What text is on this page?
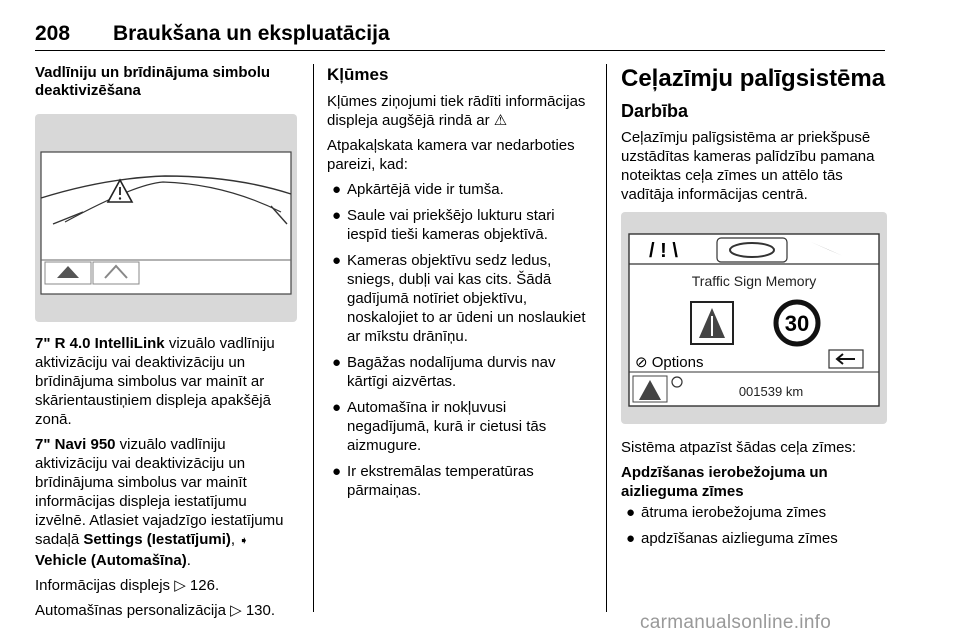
208 Braukšana un ekspluatācija
Vadlīniju un brīdinājuma simbolu deaktivizēšana

7" R 4.0 IntelliLink vizuālo vadlīniju aktivizāciju vai deaktivizāciju un brīdinājuma simbolus var mainīt ar skārientaustiņiem displeja apakšējā zonā.

7" Navi 950 vizuālo vadlīniju aktivizāciju vai deaktivizāciju un brīdinājuma simbolus var mainīt informācijas displeja iestatījumu izvēlnē. Atlasiet vajadzīgo iestatījumu sadaļā Settings (Iestatījumi), ➧
Vehicle (Automašīna).

Informācijas displejs ▷ 126.

Automašīnas personalizācija ▷ 130.

Kļūmes

Kļūmes ziņojumi tiek rādīti informācijas displeja augšējā rindā ar ⚠

Atpakaļskata kamera var nedarboties pareizi, kad:

● Apkārtējā vide ir tumša.
● Saule vai priekšējo lukturu stari iespīd tieši kameras objektīvā.
● Kameras objektīvu sedz ledus, sniegs, dubļi vai kas cits. Šādā gadījumā notīriet objektīvu, noskalojiet to ar ūdeni un noslaukiet ar mīkstu drānīņu.
● Bagāžas nodalījuma durvis nav kārtīgi aizvērtas.
● Automašīna ir nokļuvusi negadījumā, kurā ir cietusi tās aizmugure.
● Ir ekstremālas temperatūras pārmaiņas.
Ceļazīmju palīgsistēma
Darbība

Ceļazīmju palīgsistēma ar priekšpusē uzstādītas kameras palīdzību pamana noteiktas ceļa zīmes un attēlo tās vadītāja informācijas centrā.

/ ! \
Traffic Sign Memory
30
⊘ Options
001539 km

Sistēma atpazīst šādas ceļa zīmes:

Apdzīšanas ierobežojuma un aizlieguma zīmes
● ātruma ierobežojuma zīmes
● apdzīšanas aizlieguma zīmes
carmanualsonline.info
